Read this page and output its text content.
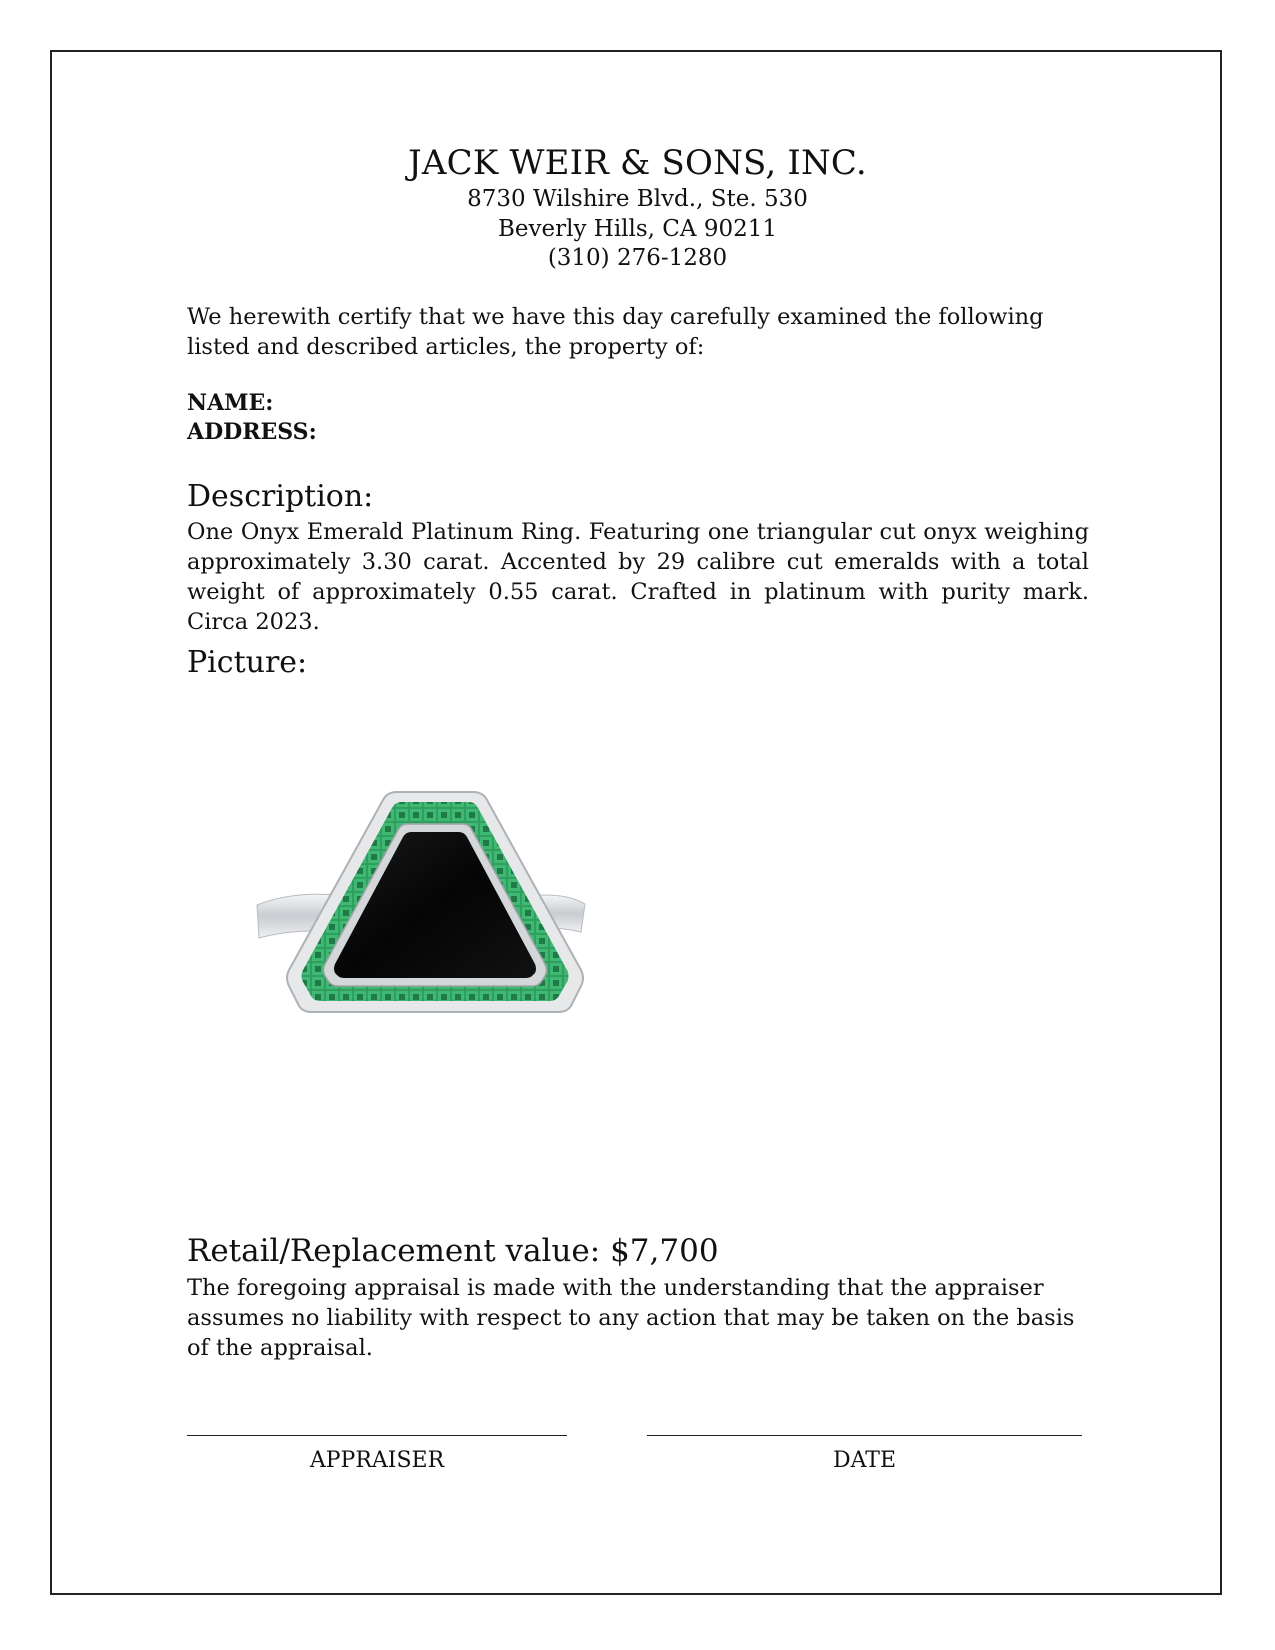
JACK WEIR & SONS, INC.
8730 Wilshire Blvd., Ste. 530
Beverly Hills, CA 90211
(310) 276-1280
We herewith certify that we have this day carefully examined the following listed and described articles, the property of:
NAME:
ADDRESS:
Description:
One Onyx Emerald Platinum Ring. Featuring one triangular cut onyx weighing approximately 3.30 carat. Accented by 29 calibre cut emeralds with a total weight of approximately 0.55 carat. Crafted in platinum with purity mark. Circa 2023.
Picture:
Retail/Replacement value: $7,700
The foregoing appraisal is made with the understanding that the appraiser assumes no liability with respect to any action that may be taken on the basis of the appraisal.
APPRAISER	DATE
